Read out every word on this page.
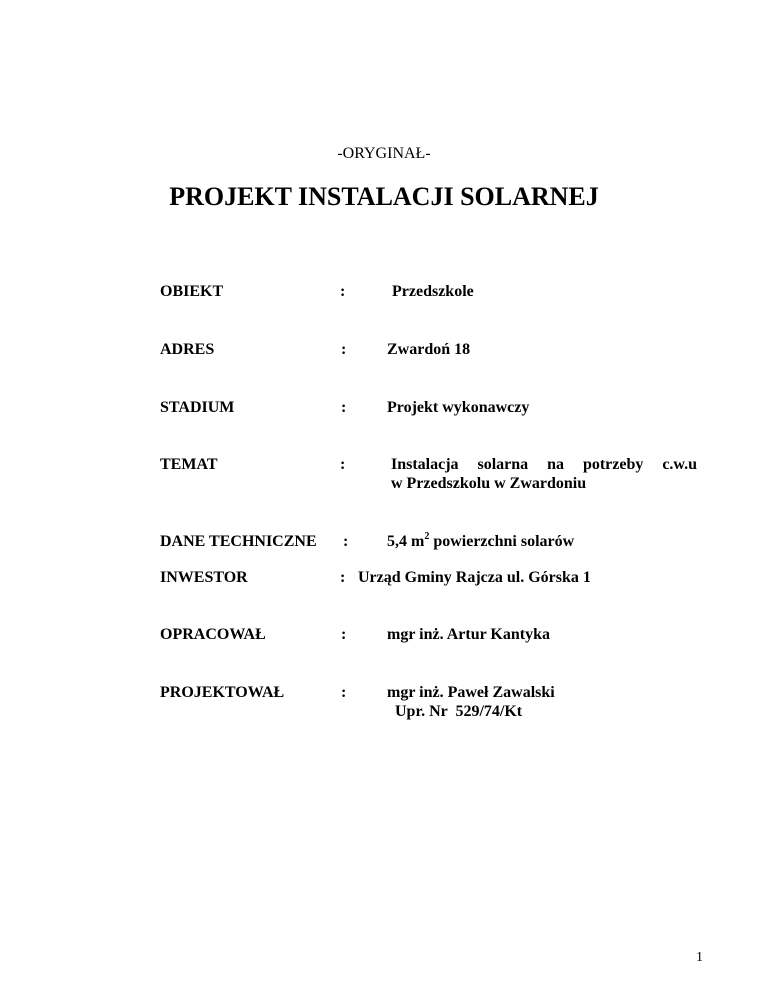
-ORYGINAŁ-
PROJEKT INSTALACJI SOLARNEJ
OBIEKT	:	Przedszkole
ADRES	:	Zwardoń 18
STADIUM	:	Projekt wykonawczy
TEMAT	:	Instalacja solarna na potrzeby c.w.u
w Przedszkolu w Zwardoniu
DANE TECHNICZNE : 5,4 $m^2$ powierzchni solarów
INWESTOR	: Urząd Gminy Rajcza ul. Górska 1
OPRACOWAŁ	:	mgr inż. Artur Kantyka
PROJEKTOWAŁ	:	mgr inż. Paweł Zawalski
Upr. Nr  529/74/Kt
1
